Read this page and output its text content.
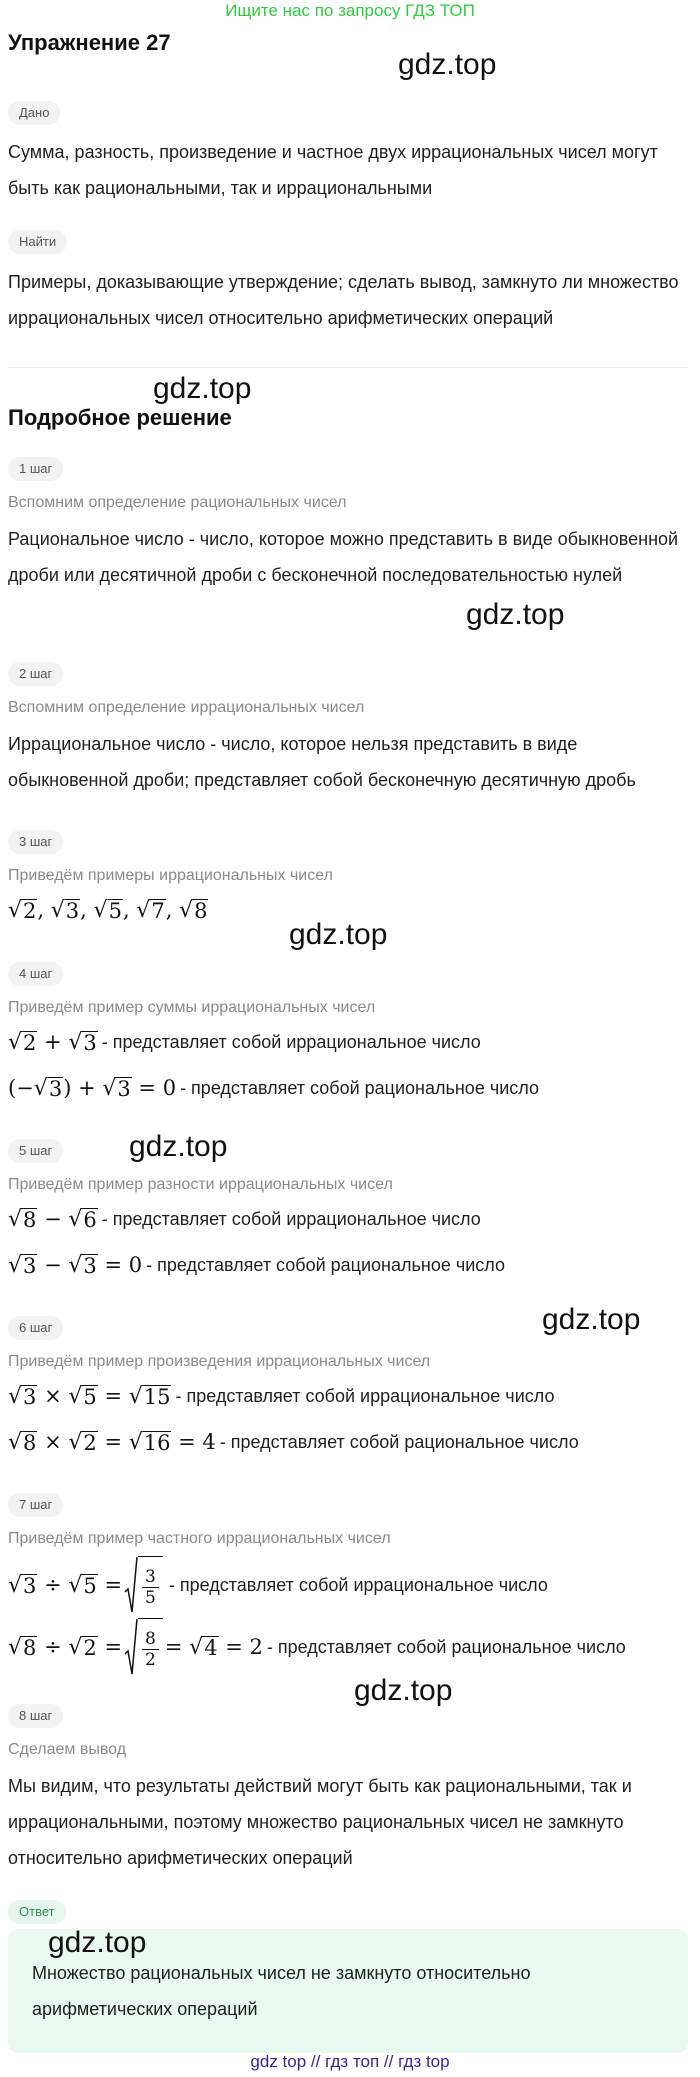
Ищите нас по запросу ГДЗ ТОП
Упражнение 27
gdz.top
Дано
Сумма, разность, произведение и частное двух иррациональных чисел могут быть как рациональными, так и иррациональными
Найти
Примеры, доказывающие утверждение; сделать вывод, замкнуто ли множество иррациональных чисел относительно арифметических операций
gdz.top
Подробное решение
1 шаг
Вспомним определение рациональных чисел
Рациональное число - число, которое можно представить в виде обыкновенной дроби или десятичной дроби с бесконечной последовательностью нулей
gdz.top
2 шаг
Вспомним определение иррациональных чисел
Иррациональное число - число, которое нельзя представить в виде обыкновенной дроби; представляет собой бесконечную десятичную дробь
3 шаг
Приведём примеры иррациональных чисел
√ 2 , √ 3 , √ 5 , √ 7 , √ 8
gdz.top
4 шаг
Приведём пример суммы иррациональных чисел
√ 2 + √ 3 - представляет собой иррациональное число
(− √ 3 ) + √ 3 = 0 - представляет собой рациональное число
gdz.top
5 шаг
Приведём пример разности иррациональных чисел
√ 8 − √ 6 - представляет собой иррациональное число
√ 3 − √ 3 = 0 - представляет собой рациональное число
gdz.top
6 шаг
Приведём пример произведения иррациональных чисел
√ 3 × √ 5 = √ 15 - представляет собой иррациональное число
√ 8 × √ 2 = √ 16 = 4 - представляет собой рациональное число
7 шаг
Приведём пример частного иррациональных чисел
√ 3 ÷ √ $5 = \frac{3}{5}$ - представляет собой иррациональное число
√ 8 ÷ √ $2 = \frac{8}{2}$ = √ 4 = 2 - представляет собой рациональное число
gdz.top
8 шаг
Сделаем вывод
Мы видим, что результаты действий могут быть как рациональными, так и иррациональными, поэтому множество рациональных чисел не замкнуто относительно арифметических операций
Ответ
Множество рациональных чисел не замкнуто относительно арифметических операций
gdz.top
gdz top // гдз топ // гдз top
